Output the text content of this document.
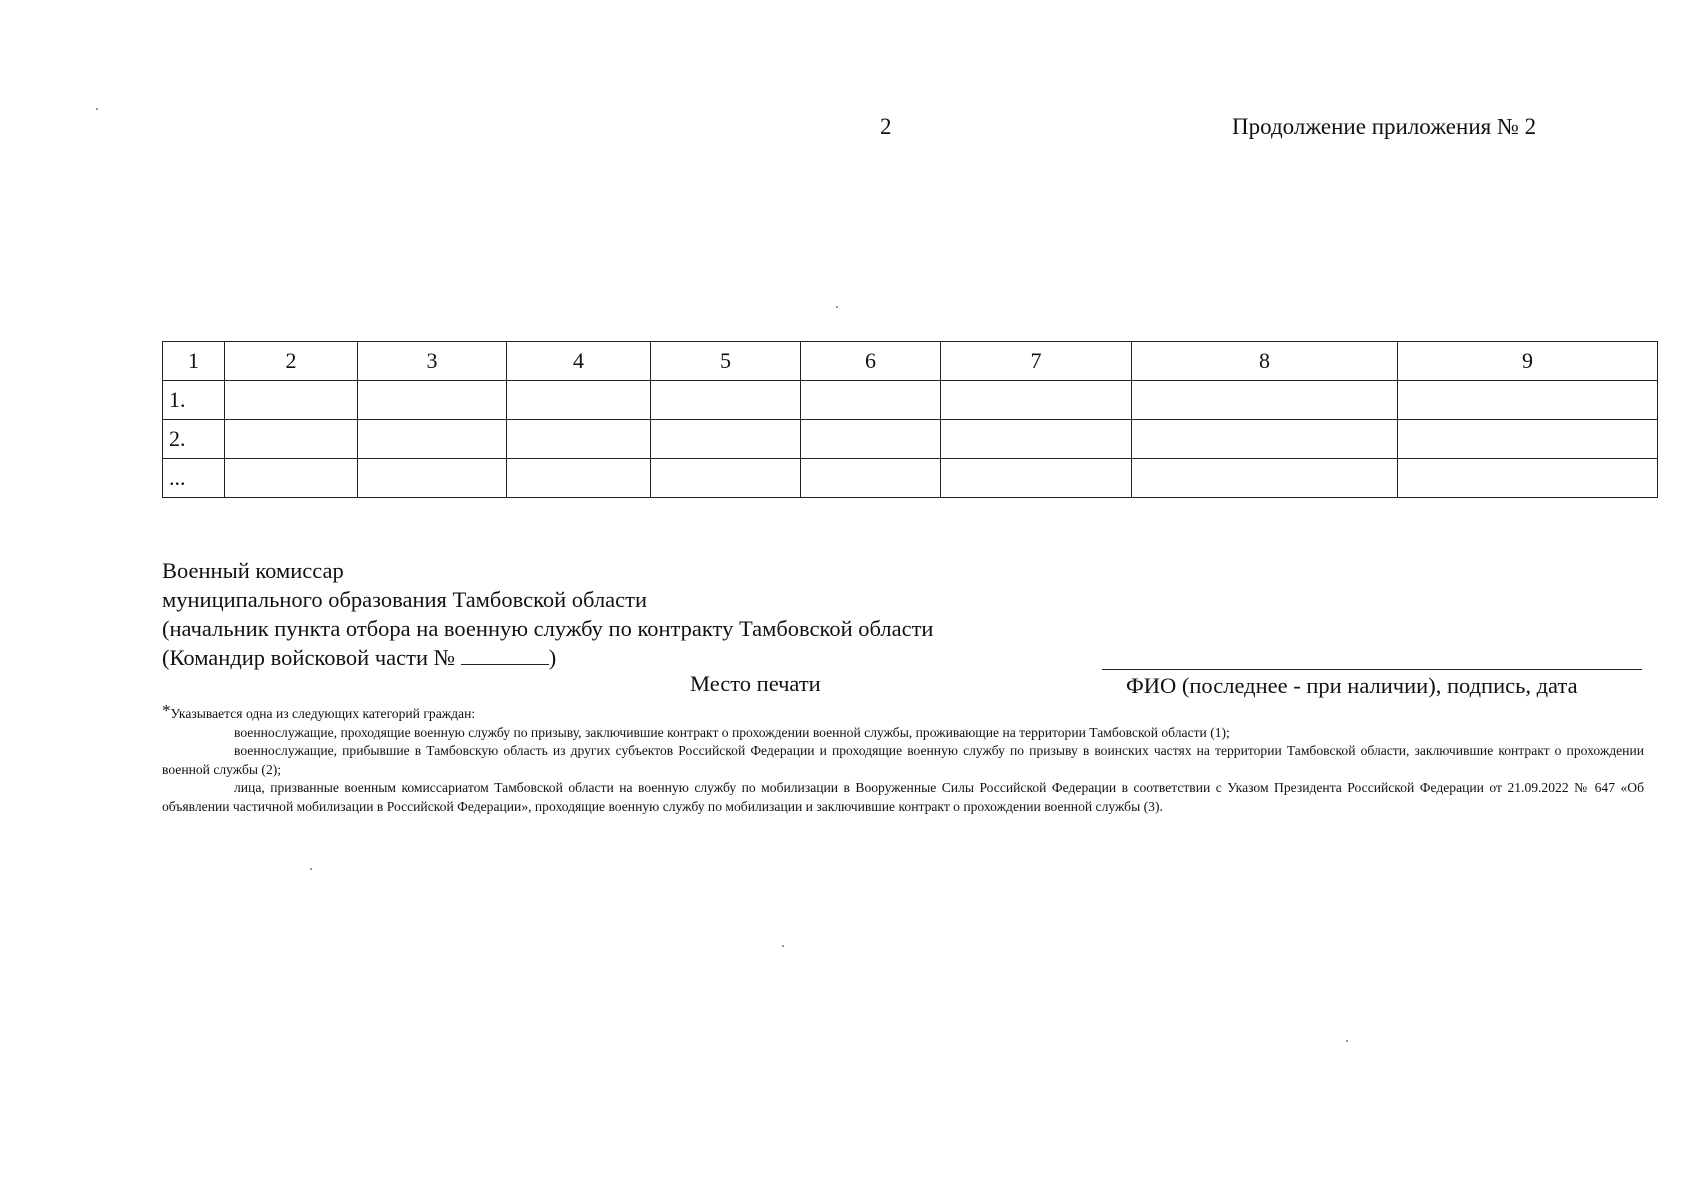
2	Продолжение приложения № 2
1	2	3	4	5	6	7	8	9
1.								
2.								
...								
Военный комиссар
муниципального образования Тамбовской области
(начальник пункта отбора на военную службу по контракту Тамбовской области
(Командир войсковой части №	)
Место печати	ФИО (последнее - при наличии), подпись, дата

*Указывается одна из следующих категорий граждан:

военнослужащие, проходящие военную службу по призыву, заключившие контракт о прохождении военной службы, проживающие на территории Тамбовской области (1);

военнослужащие, прибывшие в Тамбовскую область из других субъектов Российской Федерации и проходящие военную службу по призыву в воинских частях на территории Тамбовской области, заключившие контракт о прохождении военной службы (2);

лица, призванные военным комиссариатом Тамбовской области на военную службу по мобилизации в Вооруженные Силы Российской Федерации в соответствии с Указом Президента Российской Федерации от 21.09.2022 № 647 «Об объявлении частичной мобилизации в Российской Федерации», проходящие военную службу по мобилизации и заключившие контракт о прохождении военной службы (3).
